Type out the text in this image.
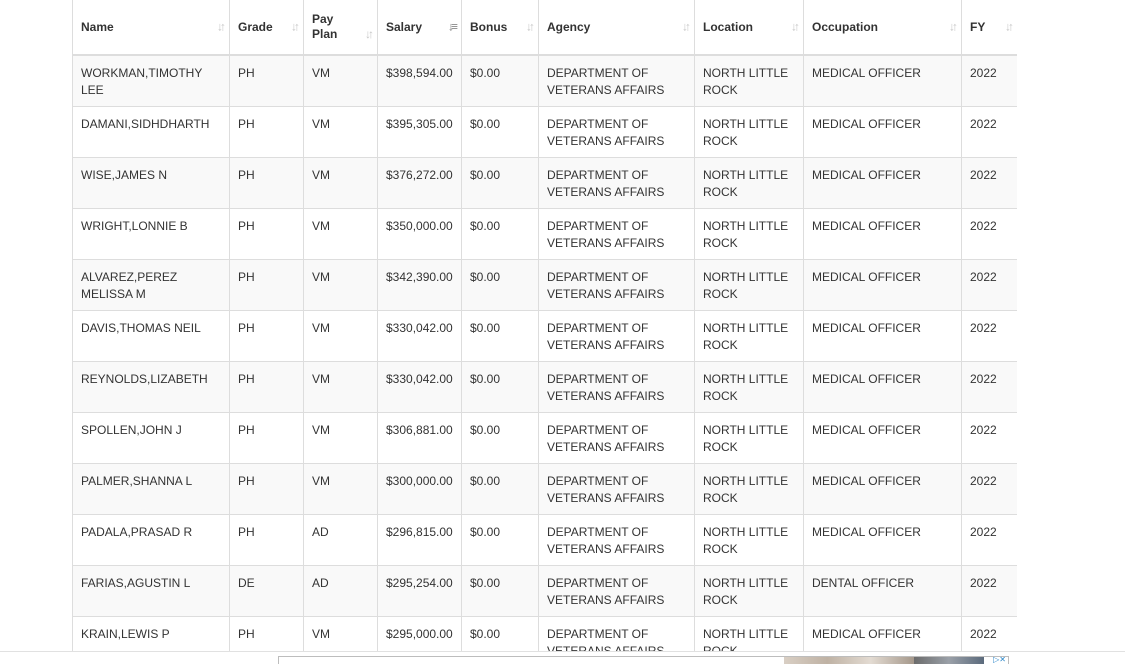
Name ↓↑	Grade ↓↑	Pay Plan ↓↑	Salary ↓≡	Bonus ↓↑	Agency ↓↑	Location ↓↑	Occupation ↓↑	FY ↓↑

WORKMAN,TIMOTHY LEE	PH	VM	$398,594.00	$0.00	DEPARTMENT OF VETERANS AFFAIRS	NORTH LITTLE ROCK	MEDICAL OFFICER	2022
DAMANI,SIDHDHARTH	PH	VM	$395,305.00	$0.00	DEPARTMENT OF VETERANS AFFAIRS	NORTH LITTLE ROCK	MEDICAL OFFICER	2022
WISE,JAMES N	PH	VM	$376,272.00	$0.00	DEPARTMENT OF VETERANS AFFAIRS	NORTH LITTLE ROCK	MEDICAL OFFICER	2022
WRIGHT,LONNIE B	PH	VM	$350,000.00	$0.00	DEPARTMENT OF VETERANS AFFAIRS	NORTH LITTLE ROCK	MEDICAL OFFICER	2022
ALVAREZ,PEREZ MELISSA M	PH	VM	$342,390.00	$0.00	DEPARTMENT OF VETERANS AFFAIRS	NORTH LITTLE ROCK	MEDICAL OFFICER	2022
DAVIS,THOMAS NEIL	PH	VM	$330,042.00	$0.00	DEPARTMENT OF VETERANS AFFAIRS	NORTH LITTLE ROCK	MEDICAL OFFICER	2022
REYNOLDS,LIZABETH	PH	VM	$330,042.00	$0.00	DEPARTMENT OF VETERANS AFFAIRS	NORTH LITTLE ROCK	MEDICAL OFFICER	2022
SPOLLEN,JOHN J	PH	VM	$306,881.00	$0.00	DEPARTMENT OF VETERANS AFFAIRS	NORTH LITTLE ROCK	MEDICAL OFFICER	2022
PALMER,SHANNA L	PH	VM	$300,000.00	$0.00	DEPARTMENT OF VETERANS AFFAIRS	NORTH LITTLE ROCK	MEDICAL OFFICER	2022
PADALA,PRASAD R	PH	AD	$296,815.00	$0.00	DEPARTMENT OF VETERANS AFFAIRS	NORTH LITTLE ROCK	MEDICAL OFFICER	2022
FARIAS,AGUSTIN L	DE	AD	$295,254.00	$0.00	DEPARTMENT OF VETERANS AFFAIRS	NORTH LITTLE ROCK	DENTAL OFFICER	2022
KRAIN,LEWIS P	PH	VM	$295,000.00	$0.00	DEPARTMENT OF	NORTH LITTLE	MEDICAL OFFICER	2022
▷✕
